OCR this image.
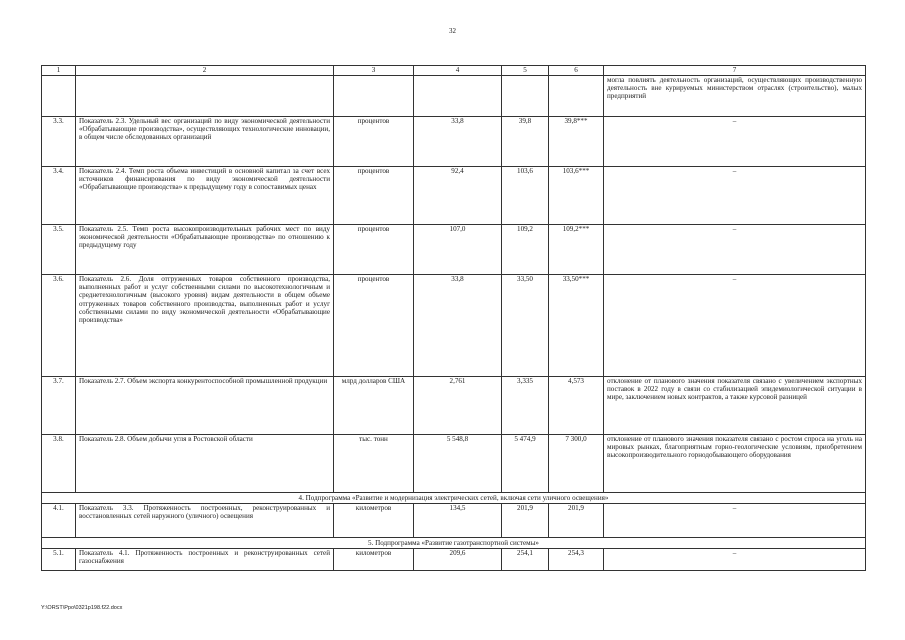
32
1	2	3	4	5	6	7
						могла повлиять деятельность организаций, осуществляющих производственную деятельность вне курируемых министерством отраслях (строительство), малых предприятий
3.3.	Показатель 2.3. Удельный вес организаций по виду экономической деятельности «Обрабатывающие производства», осуществляющих технологические инновации, в общем числе обследованных организаций	процентов	33,8	39,8	39,8***	–
3.4.	Показатель 2.4. Темп роста объема инвестиций в основной капитал за счет всех источников финансирования по виду экономической деятельности «Обрабатывающие производства» к предыдущему году в сопоставимых ценах	процентов	92,4	103,6	103,6***	–
3.5.	Показатель 2.5. Темп роста высокопроизводительных рабочих мест по виду экономической деятельности «Обрабатывающие производства» по отношению к предыдущему году	процентов	107,0	109,2	109,2***	–
3.6.	Показатель 2.6. Доля отгруженных товаров собственного производства, выполненных работ и услуг собственными силами по высокотехнологичным и среднетехнологичным (высокого уровня) видам деятельности в общем объеме отгруженных товаров собственного производства, выполненных работ и услуг собственными силами по виду экономической деятельности «Обрабатывающие производства»	процентов	33,8	33,50	33,50***	–
3.7.	Показатель 2.7. Объем экспорта конкурентоспособной промышленной продукции	млрд долларов США	2,761	3,335	4,573	отклонение от планового значения показателя связано с увеличением экспортных поставок в 2022 году в связи со стабилизацией эпидемиологической ситуации в мире, заключением новых контрактов, а также курсовой разницей
3.8.	Показатель 2.8. Объем добычи угля в Ростовской области	тыс. тонн	5 548,8	5 474,9	7 300,0	отклонение от планового значения показателя связано с ростом спроса на уголь на мировых рынках, благоприятным горно-геологические условиям, приобретением высокопроизводительного горнодобывающего оборудования
4. Подпрограмма «Развитие и модернизация электрических сетей, включая сети уличного освещения»						
4.1.	Показатель 3.3. Протяженность построенных, реконструированных и восстановленных сетей наружного (уличного) освещения	километров	134,5	201,9	201,9	–
5. Подпрограмма «Развитие газотранспортной системы»						
5.1.	Показатель 4.1. Протяженность построенных и реконструированных сетей газоснабжения	километров	209,6	254,1	254,3	–
Y:\ORST\Ppo\0321p198.f22.docx
